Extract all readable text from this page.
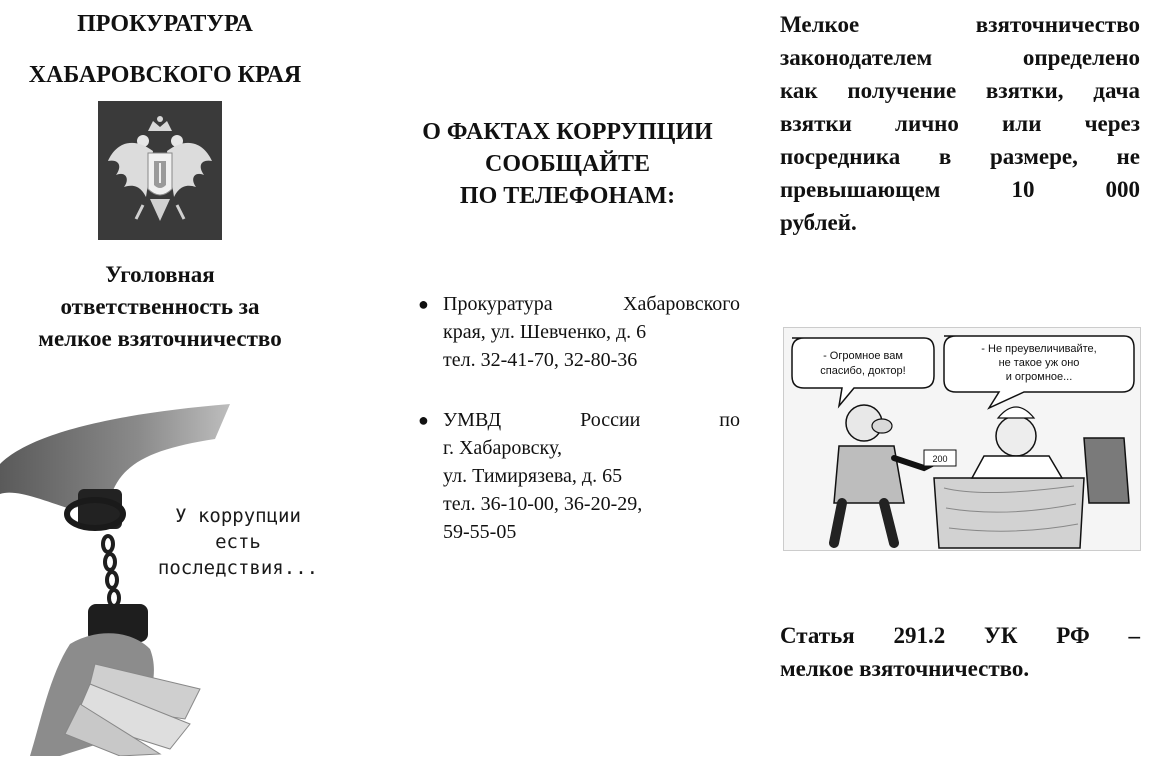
ПРОКУРАТУРА
ХАБАРОВСКОГО КРАЯ
Уголовная
ответственность за
мелкое взяточничество
У коррупции
есть
последствия...
О ФАКТАХ КОРРУПЦИИ
СООБЩАЙТЕ
ПО ТЕЛЕФОНАМ:
● Прокуратура Хабаровского
края, ул. Шевченко, д. 6
тел. 32-41-70, 32-80-36
● УМВД России по
г. Хабаровску,
ул. Тимирязева, д. 65
тел. 36-10-00, 36-20-29,
59-55-05
Мелкое взяточничество
законодателем определено
как получение взятки, дача
взятки лично или через
посредника в размере, не
превышающем 10 000
рублей.
- Огромное вам
спасибо, доктор!
- Не преувеличивайте,
не такое уж оно
и огромное...
200
Статья 291.2 УК РФ –
мелкое взяточничество.
